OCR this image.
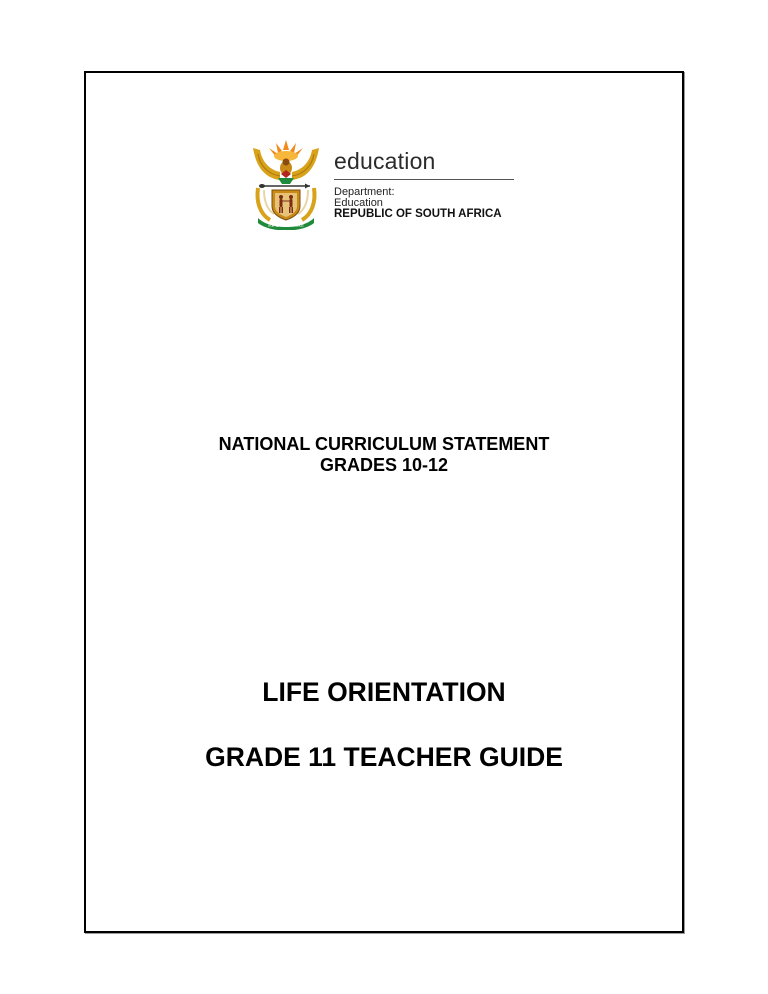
!KE E: /XARRA //KE
education
Department:
Education
REPUBLIC OF SOUTH AFRICA
NATIONAL CURRICULUM STATEMENT
GRADES 10-12
LIFE ORIENTATION
GRADE 11 TEACHER GUIDE
